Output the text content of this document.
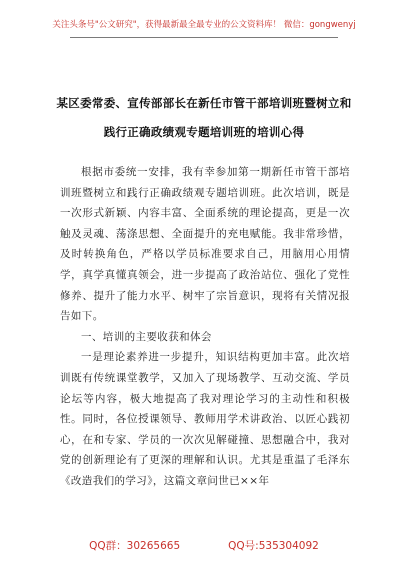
关注头条号"公文研究"，获得最新最全最专业的公文资料库！ 微信：gongwenyj
某区委常委、宣传部部长在新任市管干部培训班暨树立和
践行正确政绩观专题培训班的培训心得

根据市委统一安排，我有幸参加第一期新任市管干部培训班暨树立和践行正确政绩观专题培训班。此次培训，既是一次形式新颖、内容丰富、全面系统的理论提高，更是一次触及灵魂、荡涤思想、全面提升的充电赋能。我非常珍惜，及时转换角色，严格以学员标准要求自己，用脑用心用情学，真学真懂真领会，进一步提高了政治站位、强化了党性修养、提升了能力水平、树牢了宗旨意识，现将有关情况报告如下。

一、培训的主要收获和体会

一是理论素养进一步提升，知识结构更加丰富。此次培训既有传统课堂教学，又加入了现场教学、互动交流、学员论坛等内容，极大地提高了我对理论学习的主动性和积极性。同时，各位授课领导、教师用学术讲政治、以匠心践初心，在和专家、学员的一次次见解碰撞、思想融合中，我对党的创新理论有了更深的理解和认识。尤其是重温了毛泽东《改造我们的学习》，这篇文章问世已××年

QQ群：30265665	QQ号:535304092
